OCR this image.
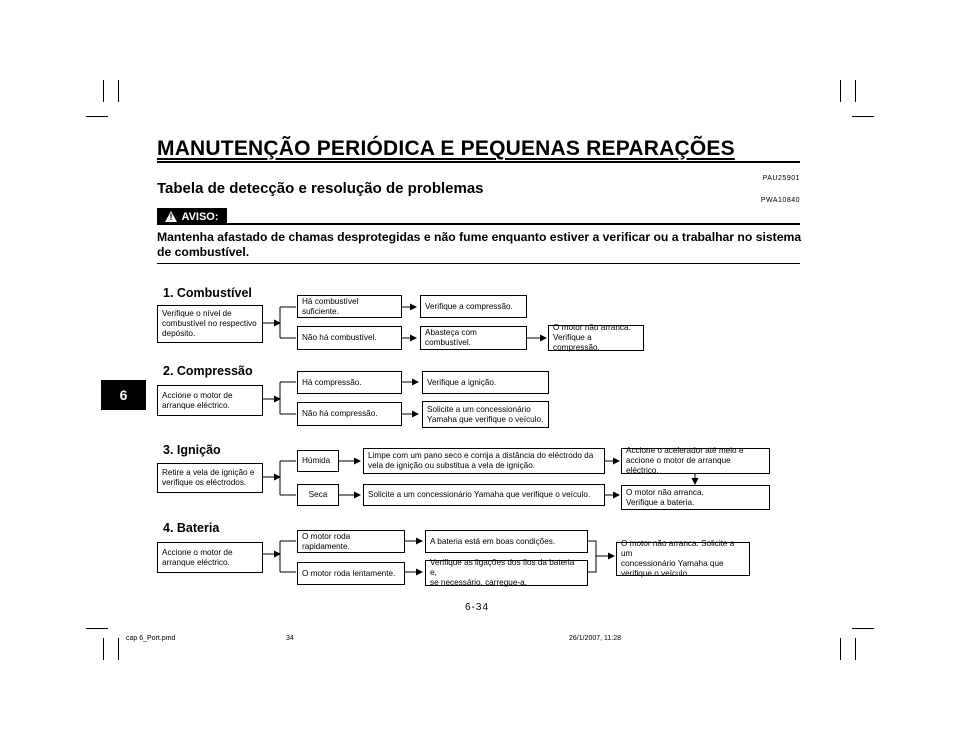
MANUTENÇÃO PERIÓDICA E PEQUENAS REPARAÇÕES
PAU25901
Tabela de detecção e resolução de problemas
PWA10840
! AVISO:
Mantenha afastado de chamas desprotegidas e não fume enquanto estiver a verificar ou a trabalhar no sistema de combustível.
6
1. Combustível
Verifique o nível de
combustível no respectivo
depósito.
Há combustível suficiente.
Verifique a compressão.
Não há combustível.
Abasteça com combustível.
O motor não arranca.
Verifique a compressão.
2. Compressão
Accione o motor de
arranque eléctrico.
Há compressão.	Verifique a ignição.
Não há compressão.	Solicite a um concessionário
Yamaha que verifique o veículo.
3. Ignição
Retire a vela de ignição e
verifique os eléctrodos.
Húmida
Limpe com um pano seco e corrija a distância do eléctrodo da
vela de ignição ou substitua a vela de ignição.
Accione o acelerador até meio e
accione o motor de arranque eléctrico.
Seca	Solicite a um concessionário Yamaha que verifique o veículo.	O motor não arranca.
Verifique a bateria.
4. Bateria
Accione o motor de
arranque eléctrico.
O motor roda rapidamente.
A bateria está em boas condições.
O motor roda lentamente.
Verifique as ligações dos fios da bateria e,
se necessário, carregue-a.
O motor não arranca. Solicite a um
concessionário Yamaha que
verifique o veículo.
6-34
cap 6_Port.pmd	34	26/1/2007, 11:28
